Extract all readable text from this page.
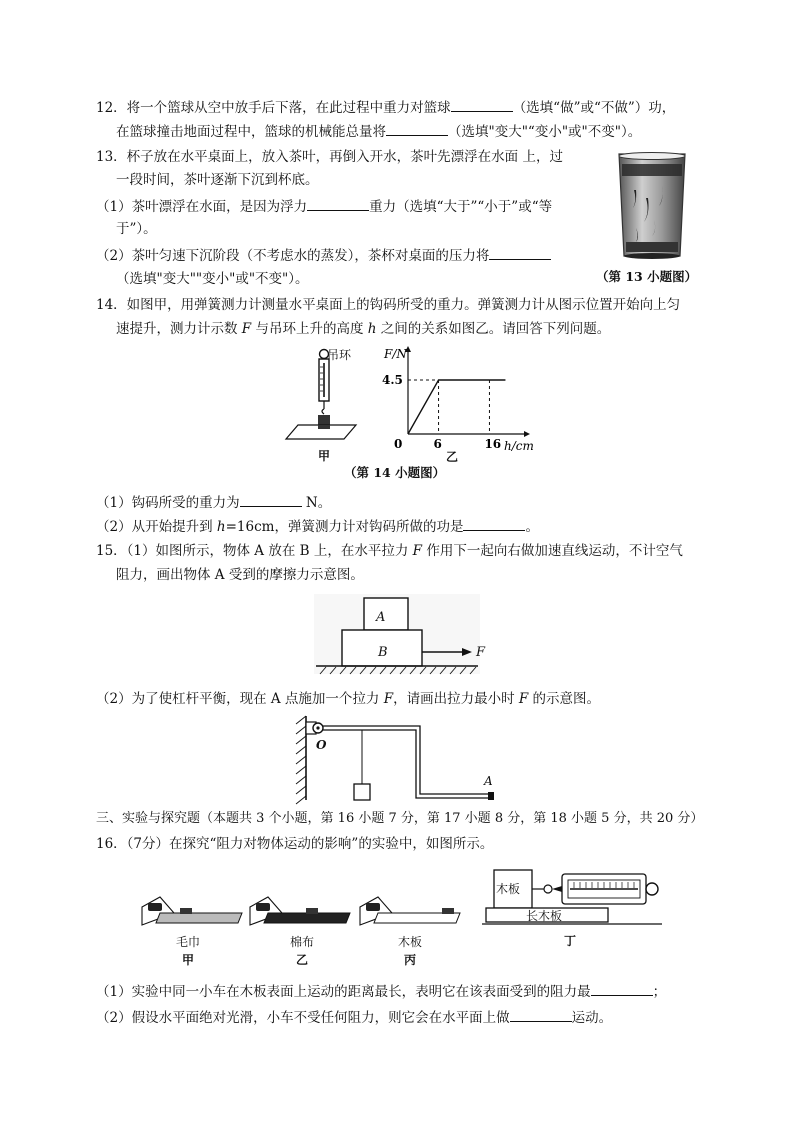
12．将一个篮球从空中放手后下落，在此过程中重力对篮球	（选填“做”或“不做”）功，
在篮球撞击地面过程中，篮球的机械能总量将	（选填"变大"“变小"或"不变"）。
13．杯子放在水平桌面上，放入茶叶，再倒入开水，茶叶先漂浮在水面 上，过
一段时间，茶叶逐渐下沉到杯底。
（1）茶叶漂浮在水面，是因为浮力	重力（选填“大于”“小于”或“等
于”）。
（2）茶叶匀速下沉阶段（不考虑水的蒸发），茶杯对桌面的压力将
（选填"变大""变小"或"不变"）。	（第 13 小题图）
14．如图甲，用弹簧测力计测量水平桌面上的钩码所受的重力。弹簧测力计从图示位置开始向上匀
速提升，测力计示数 F 与吊环上升的高度 h 之间的关系如图乙。请回答下列问题。
吊环
甲
F/N
h/cm
0	6	16
4.5
乙
（第 14 小题图）
（1）钩码所受的重力为	N。
（2）从开始提升到 h=16cm，弹簧测力计对钩码所做的功是	。
15．（1）如图所示，物体 A 放在 B 上，在水平拉力 F 作用下一起向右做加速直线运动，不计空气
阻力，画出物体 A 受到的摩擦力示意图。
A
B	F
（2）为了使杠杆平衡，现在 A 点施加一个拉力 F，请画出拉力最小时 F 的示意图。
O
A
三、实验与探究题（本题共 3 个小题，第 16 小题 7 分，第 17 小题 8 分，第 18 小题 5 分，共 20 分）
16．（7分）在探究“阻力对物体运动的影响”的实验中，如图所示。
毛巾	棉布	木板
甲	乙	丙
木板
长木板
丁
（1）实验中同一小车在木板表面上运动的距离最长，表明它在该表面受到的阻力最	；
（2）假设水平面绝对光滑，小车不受任何阻力，则它会在水平面上做	运动。
